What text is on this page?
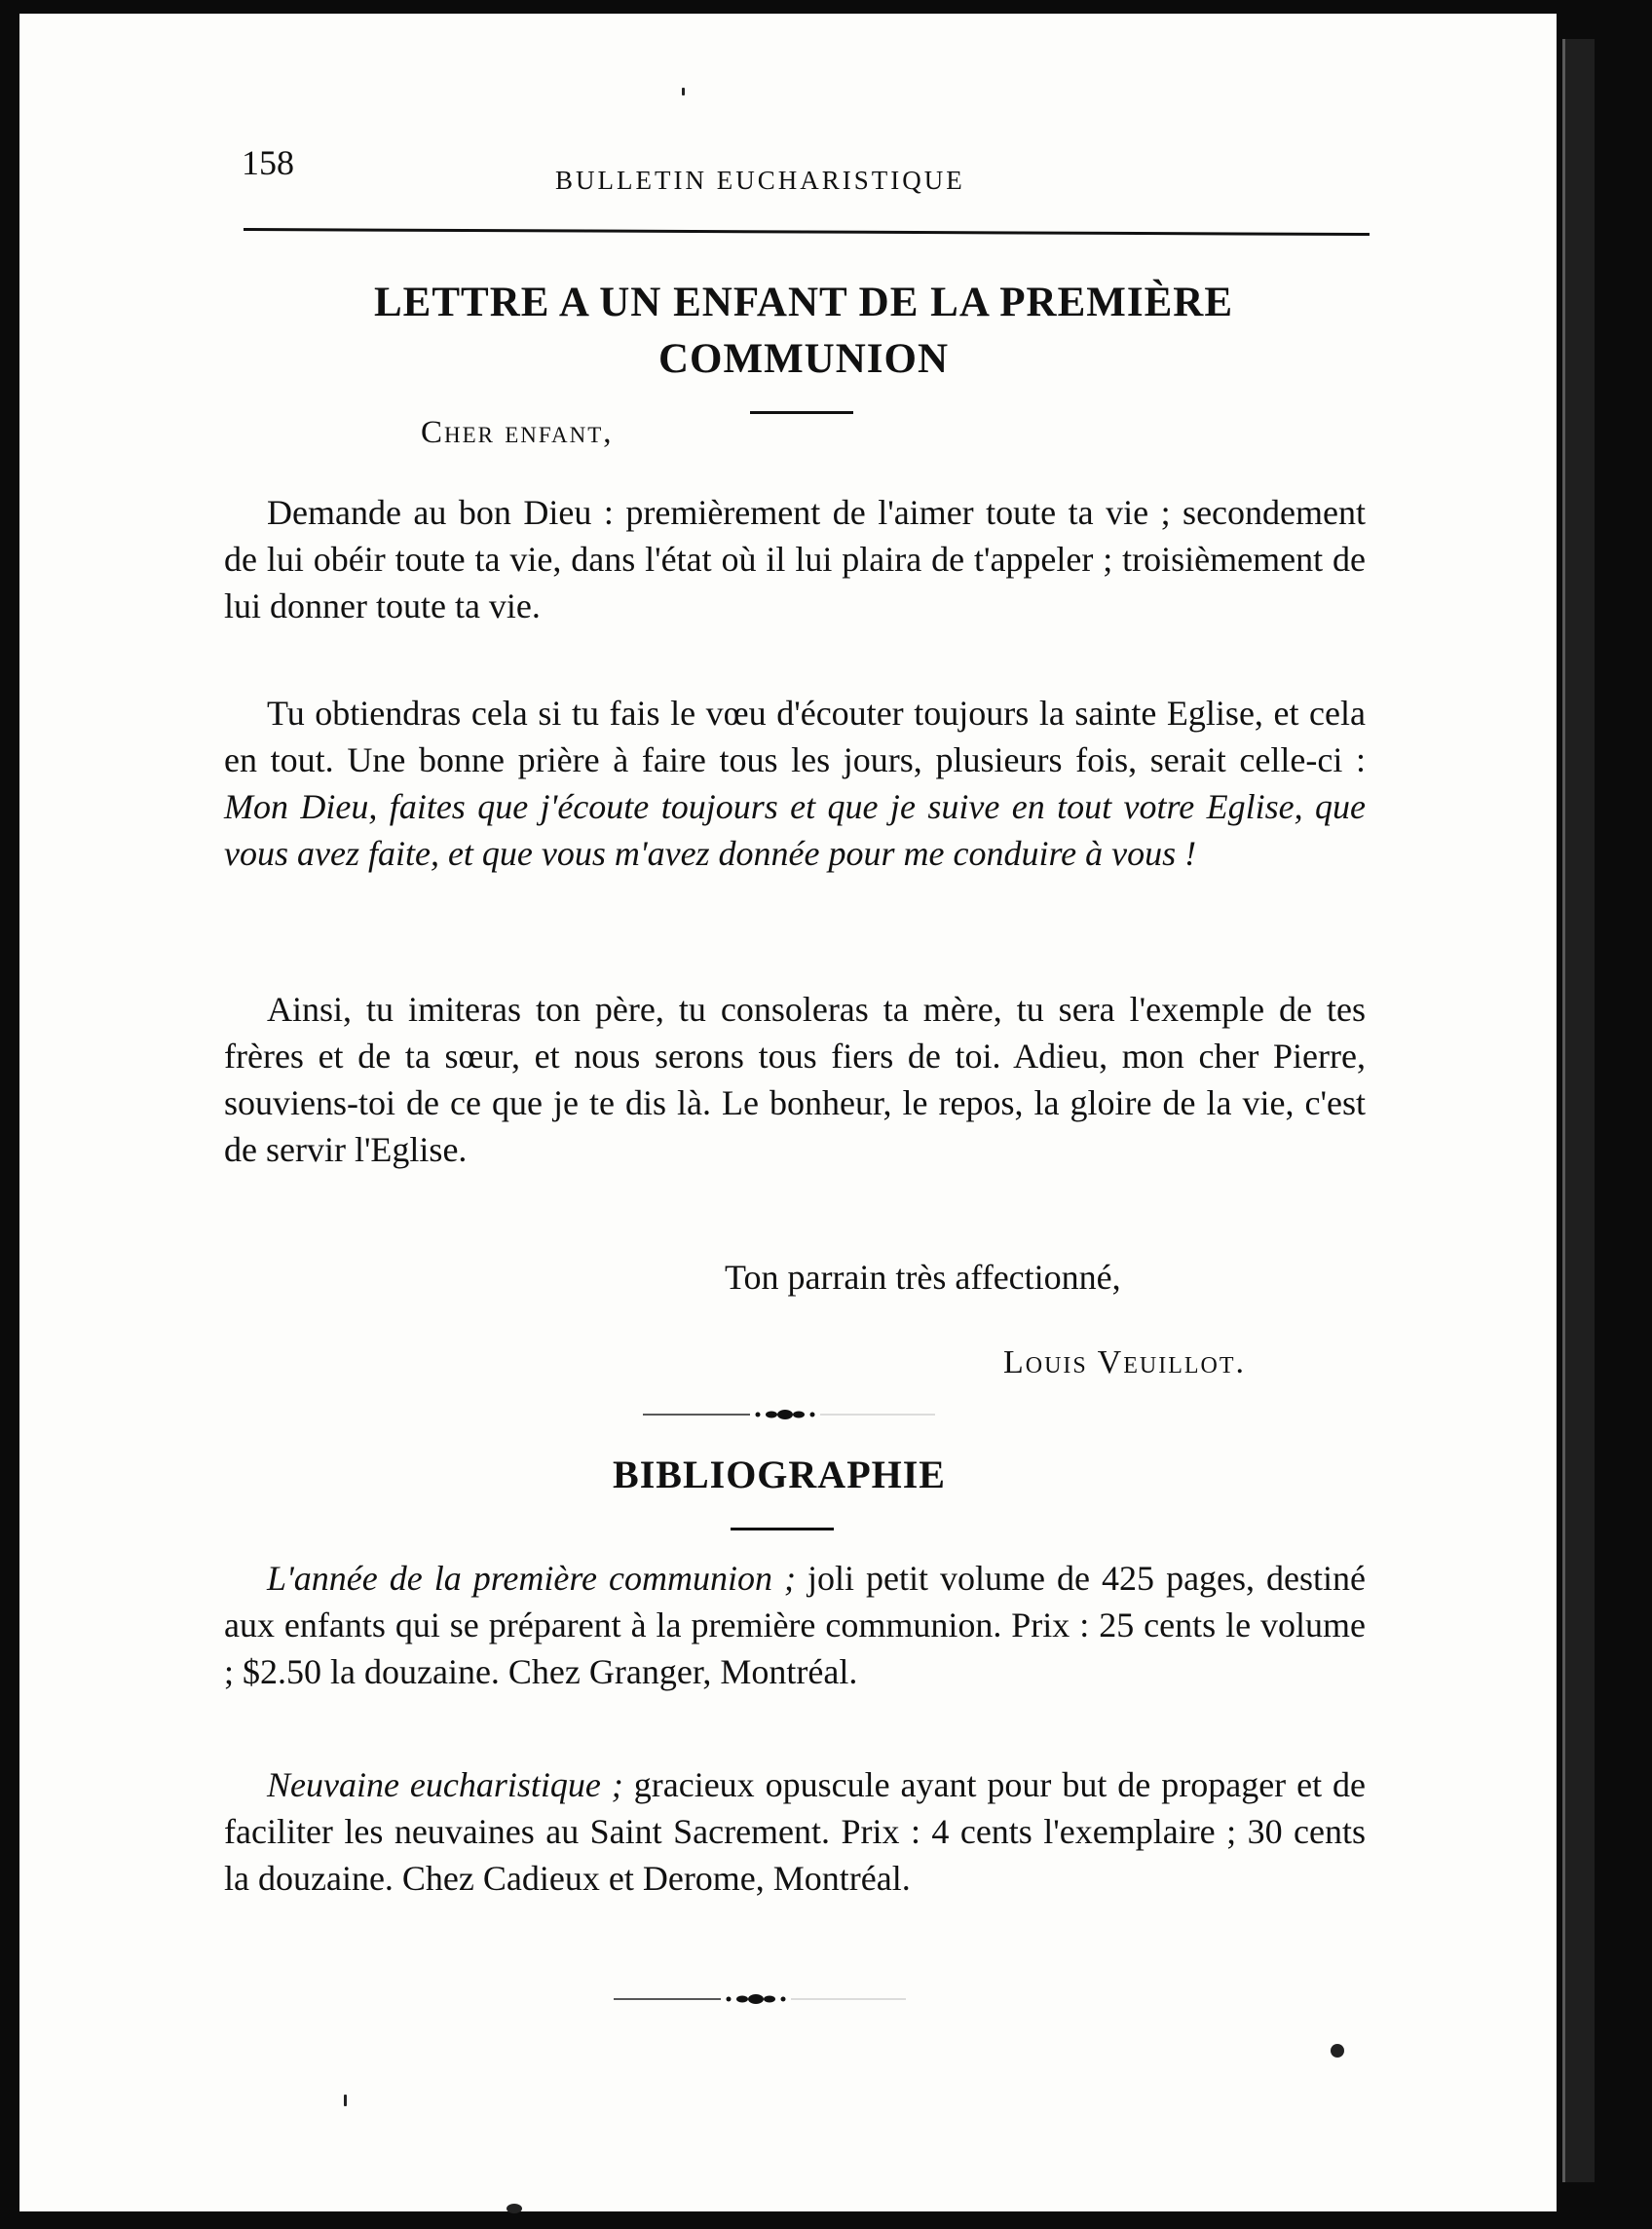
158	BULLETIN EUCHARISTIQUE
LETTRE A UN ENFANT DE LA PREMIÈRE
COMMUNION
Cher enfant,

Demande au bon Dieu : premièrement de l'aimer toute ta vie ; secondement de lui obéir toute ta vie, dans l'état où il lui plaira de t'appeler ; troisièmement de lui donner toute ta vie.

Tu obtiendras cela si tu fais le vœu d'écouter toujours la sainte Eglise, et cela en tout. Une bonne prière à faire tous les jours, plusieurs fois, serait celle-ci : Mon Dieu, faites que j'écoute toujours et que je suive en tout votre Eglise, que vous avez faite, et que vous m'avez donnée pour me conduire à vous !

Ainsi, tu imiteras ton père, tu consoleras ta mère, tu sera l'exemple de tes frères et de ta sœur, et nous serons tous fiers de toi. Adieu, mon cher Pierre, souviens-toi de ce que je te dis là. Le bonheur, le repos, la gloire de la vie, c'est de servir l'Eglise.

Ton parrain très affectionné,
Louis Veuillot.
BIBLIOGRAPHIE

L'année de la première communion ; joli petit volume de 425 pages, destiné aux enfants qui se préparent à la première communion. Prix : 25 cents le volume ; $2.50 la douzaine. Chez Granger, Montréal.

Neuvaine eucharistique ; gracieux opuscule ayant pour but de propager et de faciliter les neuvaines au Saint Sacrement. Prix : 4 cents l'exemplaire ; 30 cents la douzaine. Chez Cadieux et Derome, Montréal.
